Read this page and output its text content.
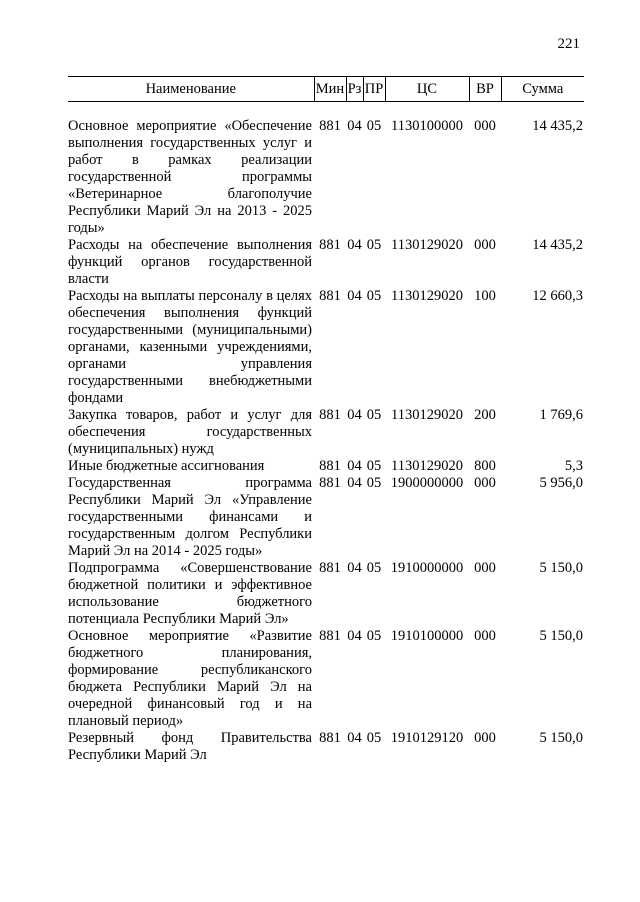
221
Наименование	Мин	Рз	ПР	ЦС	ВР	Сумма

Основное мероприятие «Обеспечение выполнения государственных услуг и работ в рамках реализации государственной программы «Ветеринарное благополучие Республики Марий Эл на 2013 - 2025 годы»	881	04	05	1130100000	000	14 435,2
Расходы на обеспечение выполнения функций органов государственной власти	881	04	05	1130129020	000	14 435,2
Расходы на выплаты персоналу в целях обеспечения выполнения функций государственными (муниципальными) органами, казенными учреждениями, органами управления государственными внебюджетными фондами	881	04	05	1130129020	100	12 660,3
Закупка товаров, работ и услуг для обеспечения государственных (муниципальных) нужд	881	04	05	1130129020	200	1 769,6
Иные бюджетные ассигнования	881	04	05	1130129020	800	5,3
Государственная программа Республики Марий Эл «Управление государственными финансами и государственным долгом Республики Марий Эл на 2014 - 2025 годы»	881	04	05	1900000000	000	5 956,0
Подпрограмма «Совершенствование бюджетной политики и эффективное использование бюджетного потенциала Республики Марий Эл»	881	04	05	1910000000	000	5 150,0
Основное мероприятие «Развитие бюджетного планирования, формирование республиканского бюджета Республики Марий Эл на очередной финансовый год и на плановый период»	881	04	05	1910100000	000	5 150,0
Резервный фонд Правительства Республики Марий Эл	881	04	05	1910129120	000	5 150,0
